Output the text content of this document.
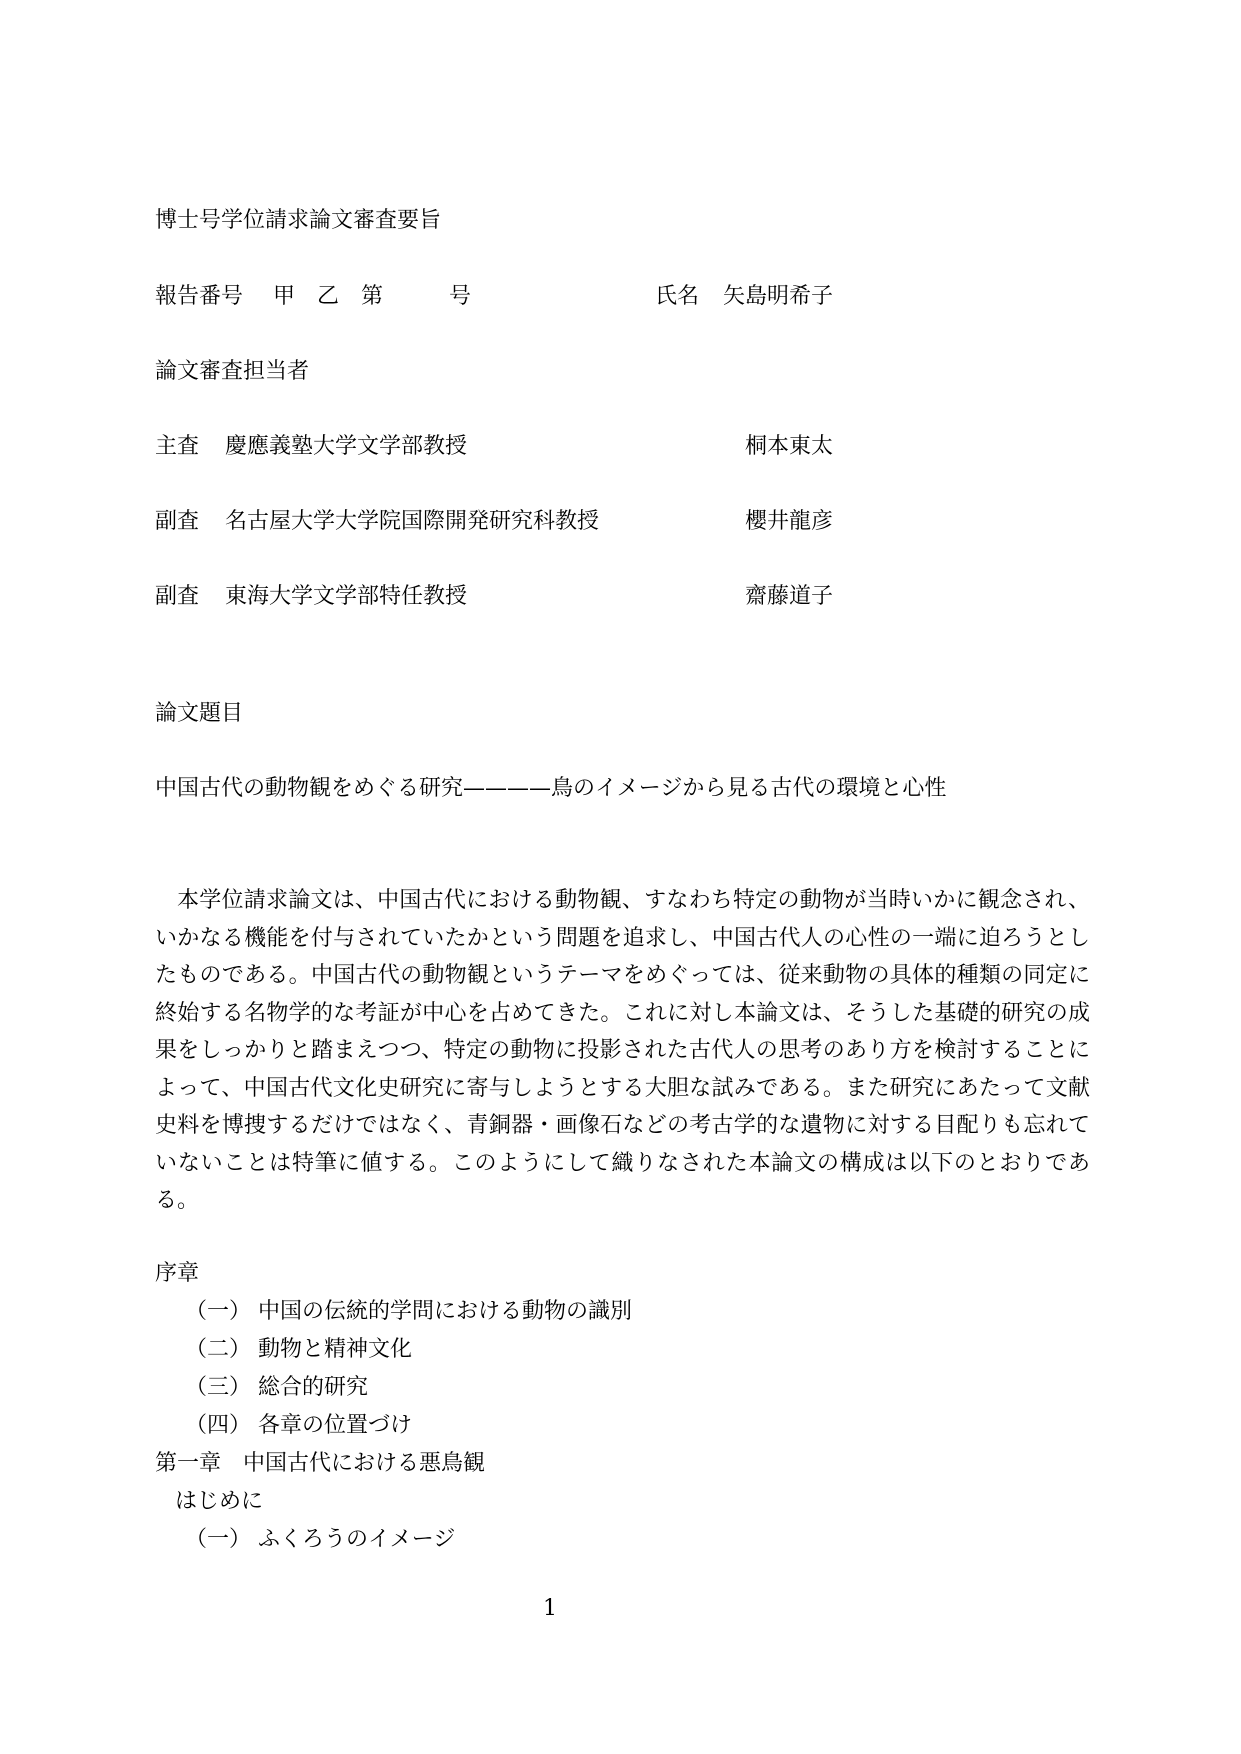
博士号学位請求論文審査要旨
報告番号 甲　乙　第　　　号	氏名 矢島明希子
論文審査担当者
主査 慶應義塾大学文学部教授	桐本東太
副査 名古屋大学大学院国際開発研究科教授	櫻井龍彦
副査 東海大学文学部特任教授	齋藤道子
論文題目
中国古代の動物観をめぐる研究————鳥のイメージから見る古代の環境と心性
本学位請求論文は、中国古代における動物観、すなわち特定の動物が当時いかに観念され、いかなる機能を付与されていたかという問題を追求し、中国古代人の心性の一端に迫ろうとしたものである。中国古代の動物観というテーマをめぐっては、従来動物の具体的種類の同定に終始する名物学的な考証が中心を占めてきた。これに対し本論文は、そうした基礎的研究の成果をしっかりと踏まえつつ、特定の動物に投影された古代人の思考のあり方を検討することによって、中国古代文化史研究に寄与しようとする大胆な試みである。また研究にあたって文献史料を博捜するだけではなく、青銅器・画像石などの考古学的な遺物に対する目配りも忘れていないことは特筆に値する。このようにして織りなされた本論文の構成は以下のとおりである。
序章
（一） 中国の伝統的学問における動物の識別
（二） 動物と精神文化
（三） 総合的研究
（四） 各章の位置づけ
第一章　中国古代における悪鳥観
はじめに
（一） ふくろうのイメージ
1
